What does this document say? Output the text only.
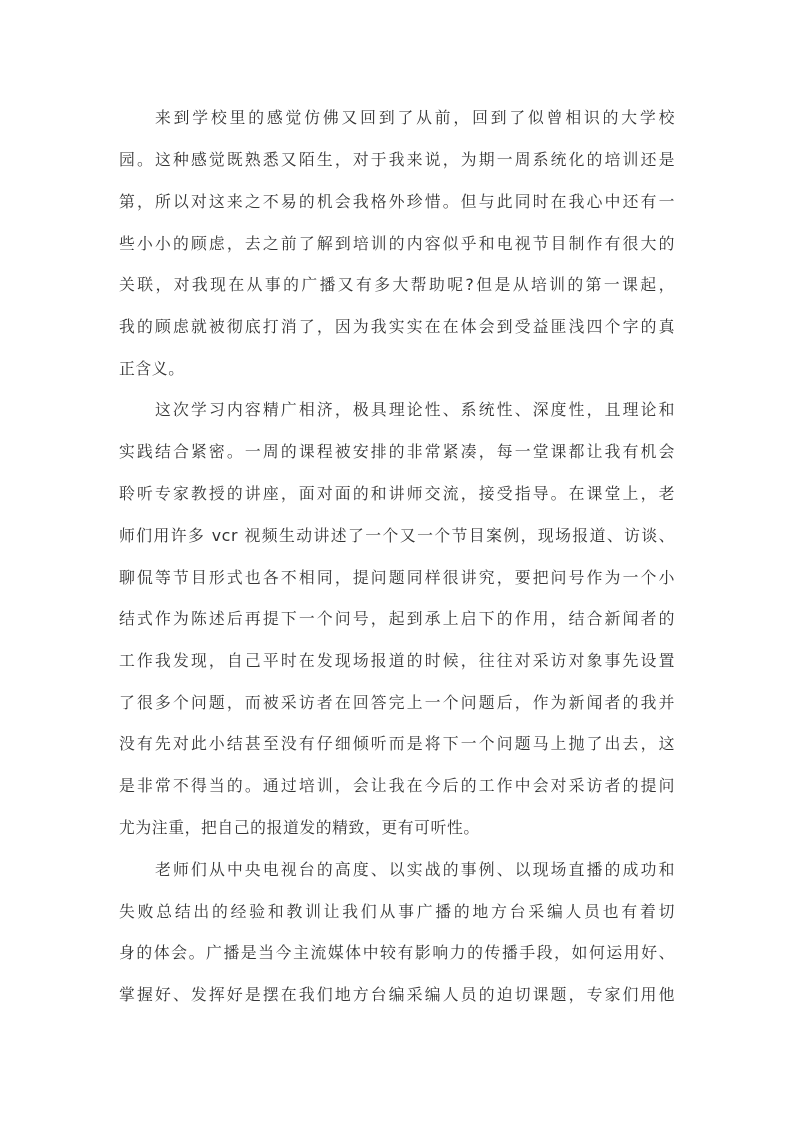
来到学校里的感觉仿佛又回到了从前，回到了似曾相识的大学校
园。这种感觉既熟悉又陌生，对于我来说，为期一周系统化的培训还是
第，所以对这来之不易的机会我格外珍惜。但与此同时在我心中还有一
些小小的顾虑，去之前了解到培训的内容似乎和电视节目制作有很大的
关联，对我现在从事的广播又有多大帮助呢?但是从培训的第一课起，
我的顾虑就被彻底打消了，因为我实实在在体会到受益匪浅四个字的真
正含义。
这次学习内容精广相济，极具理论性、系统性、深度性，且理论和
实践结合紧密。一周的课程被安排的非常紧凑，每一堂课都让我有机会
聆听专家教授的讲座，面对面的和讲师交流，接受指导。在课堂上，老
师们用许多 vcr 视频生动讲述了一个又一个节目案例，现场报道、访谈、
聊侃等节目形式也各不相同，提问题同样很讲究，要把问号作为一个小
结式作为陈述后再提下一个问号，起到承上启下的作用，结合新闻者的
工作我发现，自己平时在发现场报道的时候，往往对采访对象事先设置
了很多个问题，而被采访者在回答完上一个问题后，作为新闻者的我并
没有先对此小结甚至没有仔细倾听而是将下一个问题马上抛了出去，这
是非常不得当的。通过培训，会让我在今后的工作中会对采访者的提问
尤为注重，把自己的报道发的精致，更有可听性。
老师们从中央电视台的高度、以实战的事例、以现场直播的成功和
失败总结出的经验和教训让我们从事广播的地方台采编人员也有着切
身的体会。广播是当今主流媒体中较有影响力的传播手段，如何运用好、
掌握好、发挥好是摆在我们地方台编采编人员的迫切课题，专家们用他
